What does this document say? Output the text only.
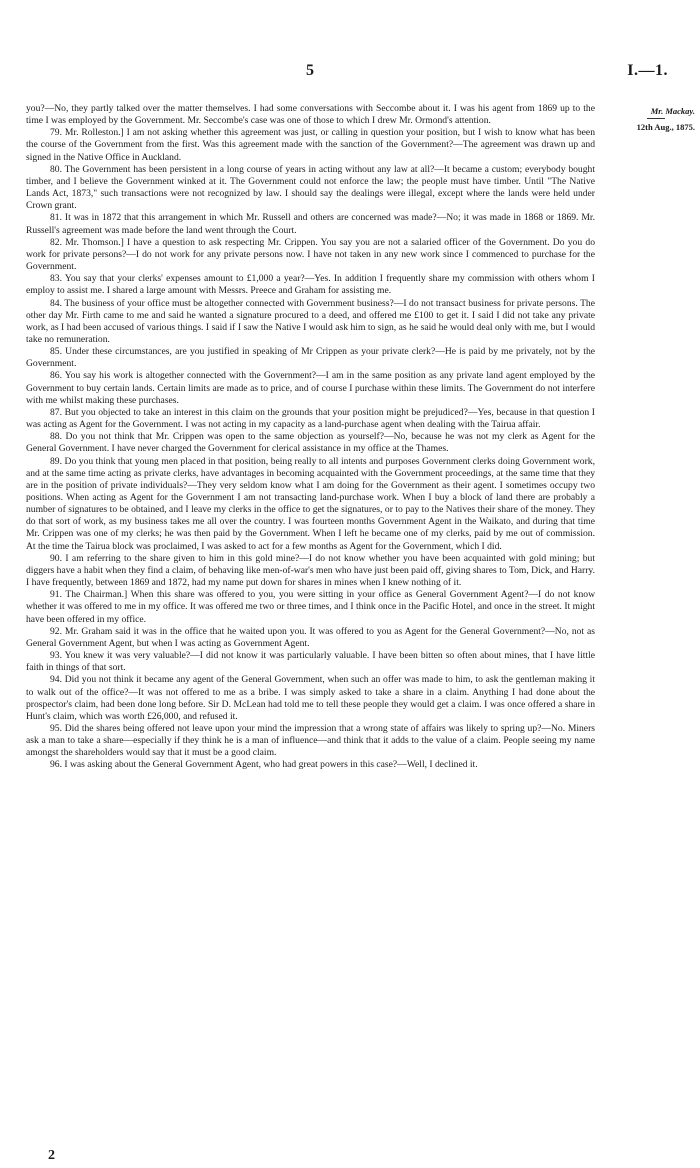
5	I.—1.
Mr. Mackay.
12th Aug., 1875.

you?—No, they partly talked over the matter themselves. I had some conversations with Seccombe about it. I was his agent from 1869 up to the time I was employed by the Government. Mr. Seccombe's case was one of those to which I drew Mr. Ormond's attention.

79. Mr. Rolleston.] I am not asking whether this agreement was just, or calling in question your position, but I wish to know what has been the course of the Government from the first. Was this agreement made with the sanction of the Government?—The agreement was drawn up and signed in the Native Office in Auckland.

80. The Government has been persistent in a long course of years in acting without any law at all?—It became a custom; everybody bought timber, and I believe the Government winked at it. The Government could not enforce the law; the people must have timber. Until "The Native Lands Act, 1873," such transactions were not recognized by law. I should say the dealings were illegal, except where the lands were held under Crown grant.

81. It was in 1872 that this arrangement in which Mr. Russell and others are concerned was made?—No; it was made in 1868 or 1869. Mr. Russell's agreement was made before the land went through the Court.

82. Mr. Thomson.] I have a question to ask respecting Mr. Crippen. You say you are not a salaried officer of the Government. Do you do work for private persons?—I do not work for any private persons now. I have not taken in any new work since I commenced to purchase for the Government.

83. You say that your clerks' expenses amount to £1,000 a year?—Yes. In addition I frequently share my commission with others whom I employ to assist me. I shared a large amount with Messrs. Preece and Graham for assisting me.

84. The business of your office must be altogether connected with Government business?—I do not transact business for private persons. The other day Mr. Firth came to me and said he wanted a signature procured to a deed, and offered me £100 to get it. I said I did not take any private work, as I had been accused of various things. I said if I saw the Native I would ask him to sign, as he said he would deal only with me, but I would take no remuneration.

85. Under these circumstances, are you justified in speaking of Mr Crippen as your private clerk?—He is paid by me privately, not by the Government.

86. You say his work is altogether connected with the Government?—I am in the same position as any private land agent employed by the Government to buy certain lands. Certain limits are made as to price, and of course I purchase within these limits. The Government do not interfere with me whilst making these purchases.

87. But you objected to take an interest in this claim on the grounds that your position might be prejudiced?—Yes, because in that question I was acting as Agent for the Government. I was not acting in my capacity as a land-purchase agent when dealing with the Tairua affair.

88. Do you not think that Mr. Crippen was open to the same objection as yourself?—No, because he was not my clerk as Agent for the General Government. I have never charged the Government for clerical assistance in my office at the Thames.

89. Do you think that young men placed in that position, being really to all intents and purposes Government clerks doing Government work, and at the same time acting as private clerks, have advantages in becoming acquainted with the Government proceedings, at the same time that they are in the position of private individuals?—They very seldom know what I am doing for the Government as their agent. I sometimes occupy two positions. When acting as Agent for the Government I am not transacting land-purchase work. When I buy a block of land there are probably a number of signatures to be obtained, and I leave my clerks in the office to get the signatures, or to pay to the Natives their share of the money. They do that sort of work, as my business takes me all over the country. I was fourteen months Government Agent in the Waikato, and during that time Mr. Crippen was one of my clerks; he was then paid by the Government. When I left he became one of my clerks, paid by me out of commission. At the time the Tairua block was proclaimed, I was asked to act for a few months as Agent for the Government, which I did.

90. I am referring to the share given to him in this gold mine?—I do not know whether you have been acquainted with gold mining; but diggers have a habit when they find a claim, of behaving like men-of-war's men who have just been paid off, giving shares to Tom, Dick, and Harry. I have frequently, between 1869 and 1872, had my name put down for shares in mines when I knew nothing of it.

91. The Chairman.] When this share was offered to you, you were sitting in your office as General Government Agent?—I do not know whether it was offered to me in my office. It was offered me two or three times, and I think once in the Pacific Hotel, and once in the street. It might have been offered in my office.

92. Mr. Graham said it was in the office that he waited upon you. It was offered to you as Agent for the General Government?—No, not as General Government Agent, but when I was acting as Government Agent.

93. You knew it was very valuable?—I did not know it was particularly valuable. I have been bitten so often about mines, that I have little faith in things of that sort.

94. Did you not think it became any agent of the General Government, when such an offer was made to him, to ask the gentleman making it to walk out of the office?—It was not offered to me as a bribe. I was simply asked to take a share in a claim. Anything I had done about the prospector's claim, had been done long before. Sir D. McLean had told me to tell these people they would get a claim. I was once offered a share in Hunt's claim, which was worth £26,000, and refused it.

95. Did the shares being offered not leave upon your mind the impression that a wrong state of affairs was likely to spring up?—No. Miners ask a man to take a share—especially if they think he is a man of influence—and think that it adds to the value of a claim. People seeing my name amongst the shareholders would say that it must be a good claim.

96. I was asking about the General Government Agent, who had great powers in this case?—Well, I declined it.

2
